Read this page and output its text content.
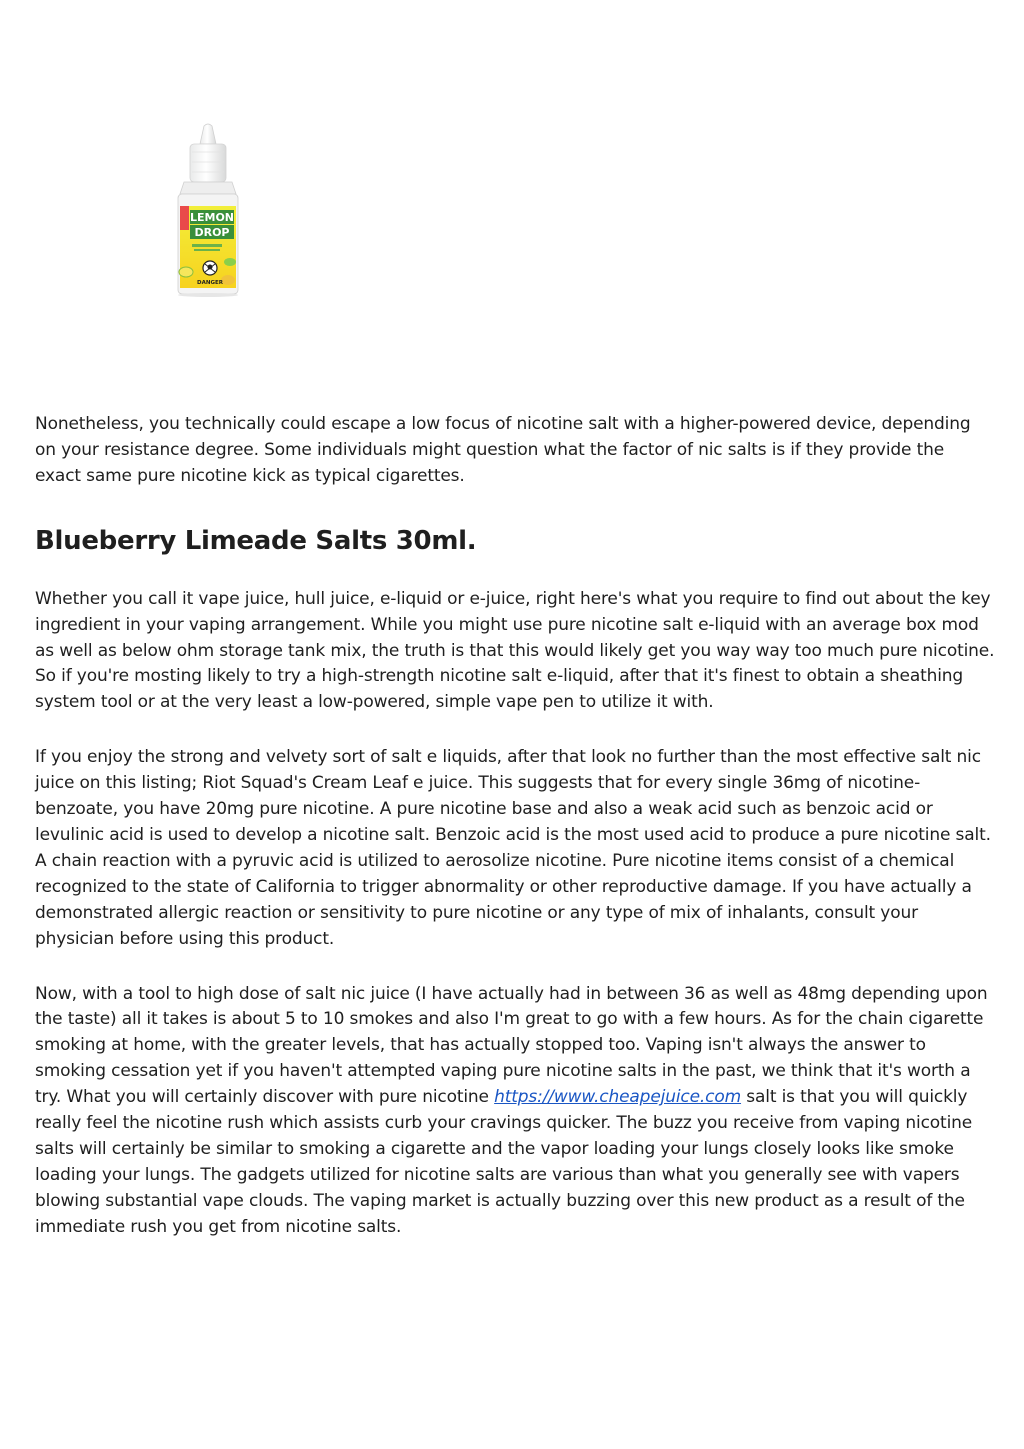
LEMON
DROP
DANGER

Nonetheless, you technically could escape a low focus of nicotine salt with a higher-powered device, depending on your resistance degree. Some individuals might question what the factor of nic salts is if they provide the exact same pure nicotine kick as typical cigarettes.

Blueberry Limeade Salts 30ml.

Whether you call it vape juice, hull juice, e-liquid or e-juice, right here's what you require to find out about the key ingredient in your vaping arrangement. While you might use pure nicotine salt e-liquid with an average box mod as well as below ohm storage tank mix, the truth is that this would likely get you way way too much pure nicotine. So if you're mosting likely to try a high-strength nicotine salt e-liquid, after that it's finest to obtain a sheathing system tool or at the very least a low-powered, simple vape pen to utilize it with.

If you enjoy the strong and velvety sort of salt e liquids, after that look no further than the most effective salt nic juice on this listing; Riot Squad's Cream Leaf e juice. This suggests that for every single 36mg of nicotine-benzoate, you have 20mg pure nicotine. A pure nicotine base and also a weak acid such as benzoic acid or levulinic acid is used to develop a nicotine salt. Benzoic acid is the most used acid to produce a pure nicotine salt. A chain reaction with a pyruvic acid is utilized to aerosolize nicotine. Pure nicotine items consist of a chemical recognized to the state of California to trigger abnormality or other reproductive damage. If you have actually a demonstrated allergic reaction or sensitivity to pure nicotine or any type of mix of inhalants, consult your physician before using this product.

Now, with a tool to high dose of salt nic juice (I have actually had in between 36 as well as 48mg depending upon the taste) all it takes is about 5 to 10 smokes and also I'm great to go with a few hours. As for the chain cigarette smoking at home, with the greater levels, that has actually stopped too. Vaping isn't always the answer to smoking cessation yet if you haven't attempted vaping pure nicotine salts in the past, we think that it's worth a try. What you will certainly discover with pure nicotine https://www.cheapejuice.com salt is that you will quickly really feel the nicotine rush which assists curb your cravings quicker. The buzz you receive from vaping nicotine salts will certainly be similar to smoking a cigarette and the vapor loading your lungs closely looks like smoke loading your lungs. The gadgets utilized for nicotine salts are various than what you generally see with vapers blowing substantial vape clouds. The vaping market is actually buzzing over this new product as a result of the immediate rush you get from nicotine salts.
